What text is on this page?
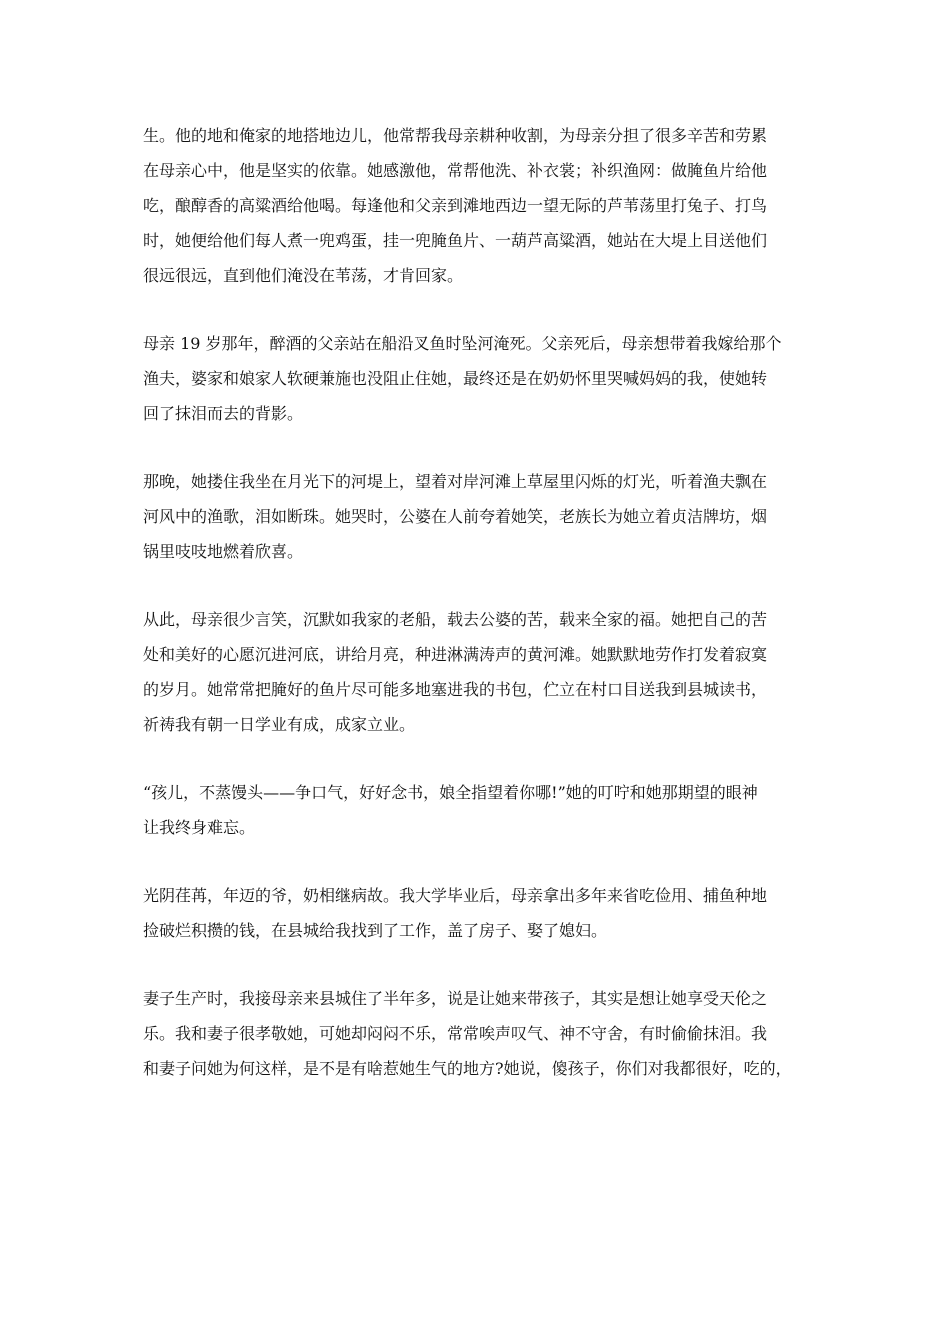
生。他的地和俺家的地搭地边儿，他常帮我母亲耕种收割，为母亲分担了很多辛苦和劳累
在母亲心中，他是坚实的依靠。她感激他，常帮他洗、补衣裳；补织渔网：做腌鱼片给他
吃，酿醇香的高粱酒给他喝。每逢他和父亲到滩地西边一望无际的芦苇荡里打兔子、打鸟
时，她便给他们每人煮一兜鸡蛋，挂一兜腌鱼片、一葫芦高粱酒，她站在大堤上目送他们
很远很远，直到他们淹没在苇荡，才肯回家。
母亲 19 岁那年，醉酒的父亲站在船沿叉鱼时坠河淹死。父亲死后，母亲想带着我嫁给那个
渔夫，婆家和娘家人软硬兼施也没阻止住她，最终还是在奶奶怀里哭喊妈妈的我，使她转
回了抹泪而去的背影。
那晚，她搂住我坐在月光下的河堤上，望着对岸河滩上草屋里闪烁的灯光，听着渔夫飘在
河风中的渔歌，泪如断珠。她哭时，公婆在人前夸着她笑，老族长为她立着贞洁牌坊，烟
锅里吱吱地燃着欣喜。
从此，母亲很少言笑，沉默如我家的老船，载去公婆的苦，载来全家的福。她把自己的苦
处和美好的心愿沉进河底，讲给月亮，种进淋满涛声的黄河滩。她默默地劳作打发着寂寞
的岁月。她常常把腌好的鱼片尽可能多地塞进我的书包，伫立在村口目送我到县城读书，
祈祷我有朝一日学业有成，成家立业。
“孩儿，不蒸馒头——争口气，好好念书，娘全指望着你哪!”她的叮咛和她那期望的眼神
让我终身难忘。
光阴荏苒，年迈的爷，奶相继病故。我大学毕业后，母亲拿出多年来省吃俭用、捕鱼种地
捡破烂积攒的钱，在县城给我找到了工作，盖了房子、娶了媳妇。
妻子生产时，我接母亲来县城住了半年多，说是让她来带孩子，其实是想让她享受天伦之
乐。我和妻子很孝敬她，可她却闷闷不乐，常常唉声叹气、神不守舍，有时偷偷抹泪。我
和妻子问她为何这样，是不是有啥惹她生气的地方?她说，傻孩子，你们对我都很好，吃的，
